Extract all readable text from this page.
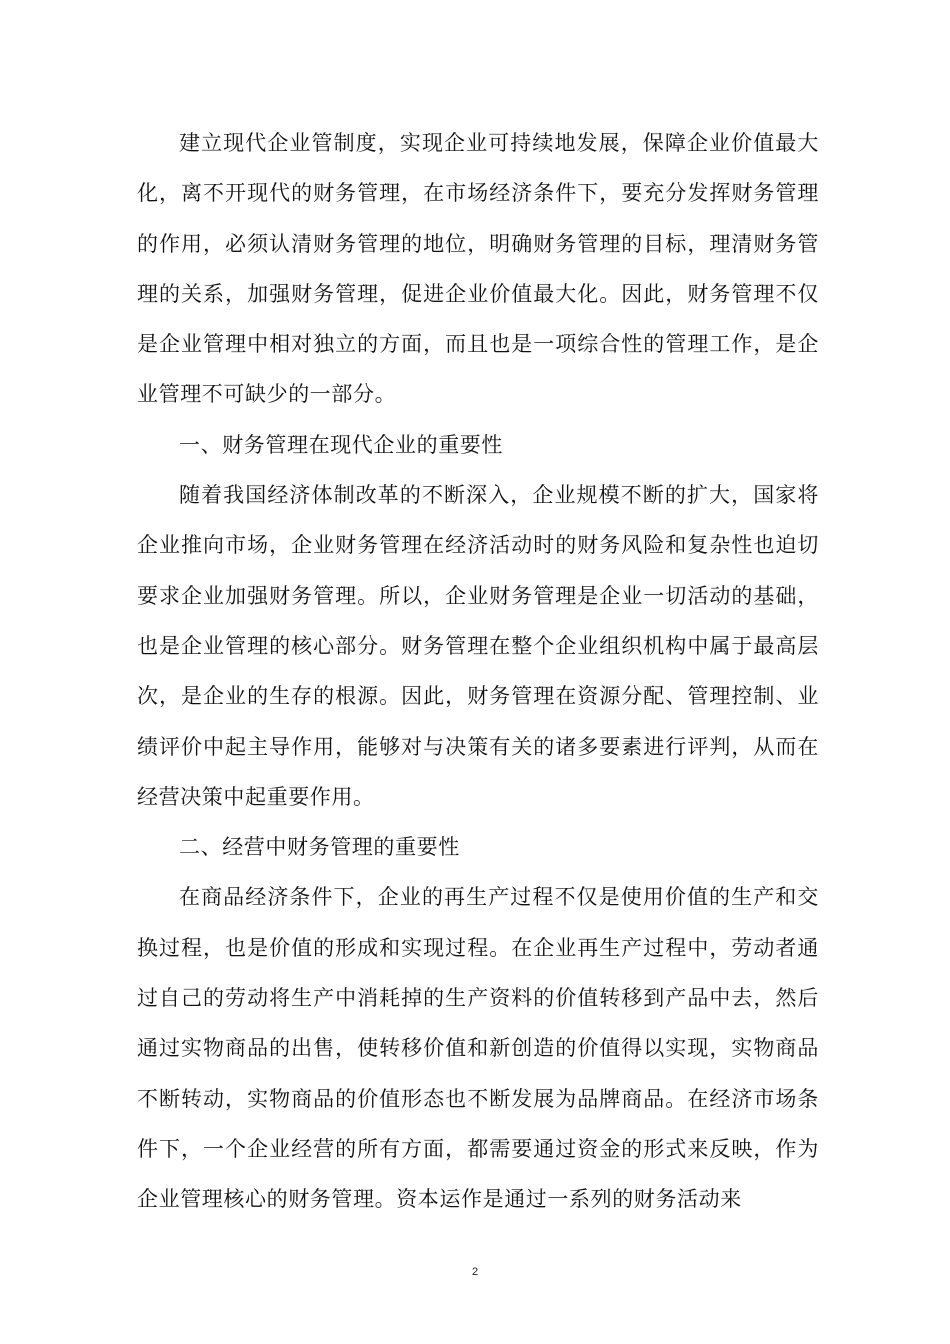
建立现代企业管制度，实现企业可持续地发展，保障企业价值最大化，离不开现代的财务管理，在市场经济条件下，要充分发挥财务管理的作用，必须认清财务管理的地位，明确财务管理的目标，理清财务管理的关系，加强财务管理，促进企业价值最大化。因此，财务管理不仅是企业管理中相对独立的方面，而且也是一项综合性的管理工作，是企业管理不可缺少的一部分。

一、财务管理在现代企业的重要性

随着我国经济体制改革的不断深入，企业规模不断的扩大，国家将企业推向市场，企业财务管理在经济活动时的财务风险和复杂性也迫切要求企业加强财务管理。所以，企业财务管理是企业一切活动的基础，也是企业管理的核心部分。财务管理在整个企业组织机构中属于最高层次，是企业的生存的根源。因此，财务管理在资源分配、管理控制、业绩评价中起主导作用，能够对与决策有关的诸多要素进行评判，从而在经营决策中起重要作用。

二、经营中财务管理的重要性

在商品经济条件下，企业的再生产过程不仅是使用价值的生产和交换过程，也是价值的形成和实现过程。在企业再生产过程中，劳动者通过自己的劳动将生产中消耗掉的生产资料的价值转移到产品中去，然后通过实物商品的出售，使转移价值和新创造的价值得以实现，实物商品不断转动，实物商品的价值形态也不断发展为品牌商品。在经济市场条件下，一个企业经营的所有方面，都需要通过资金的形式来反映，作为企业管理核心的财务管理。资本运作是通过一系列的财务活动来

2
